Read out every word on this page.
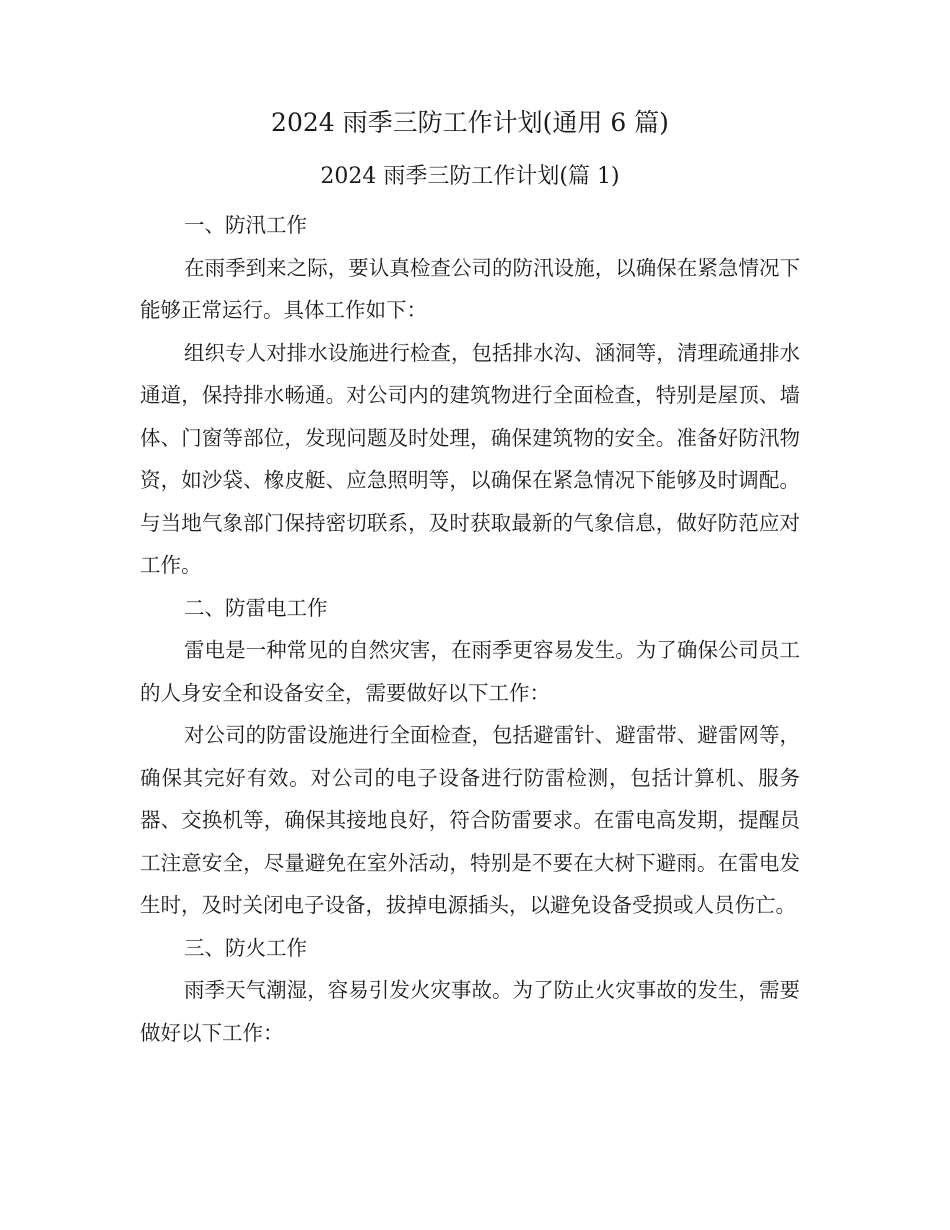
2024 雨季三防工作计划(通用 6 篇)
2024 雨季三防工作计划(篇 1)

一、防汛工作

在雨季到来之际，要认真检查公司的防汛设施，以确保在紧急情况下能够正常运行。具体工作如下：

组织专人对排水设施进行检查，包括排水沟、涵洞等，清理疏通排水通道，保持排水畅通。对公司内的建筑物进行全面检查，特别是屋顶、墙体、门窗等部位，发现问题及时处理，确保建筑物的安全。准备好防汛物资，如沙袋、橡皮艇、应急照明等，以确保在紧急情况下能够及时调配。与当地气象部门保持密切联系，及时获取最新的气象信息，做好防范应对工作。

二、防雷电工作

雷电是一种常见的自然灾害，在雨季更容易发生。为了确保公司员工的人身安全和设备安全，需要做好以下工作：

对公司的防雷设施进行全面检查，包括避雷针、避雷带、避雷网等，确保其完好有效。对公司的电子设备进行防雷检测，包括计算机、服务器、交换机等，确保其接地良好，符合防雷要求。在雷电高发期，提醒员工注意安全，尽量避免在室外活动，特别是不要在大树下避雨。在雷电发生时，及时关闭电子设备，拔掉电源插头，以避免设备受损或人员伤亡。

三、防火工作

雨季天气潮湿，容易引发火灾事故。为了防止火灾事故的发生，需要做好以下工作：
